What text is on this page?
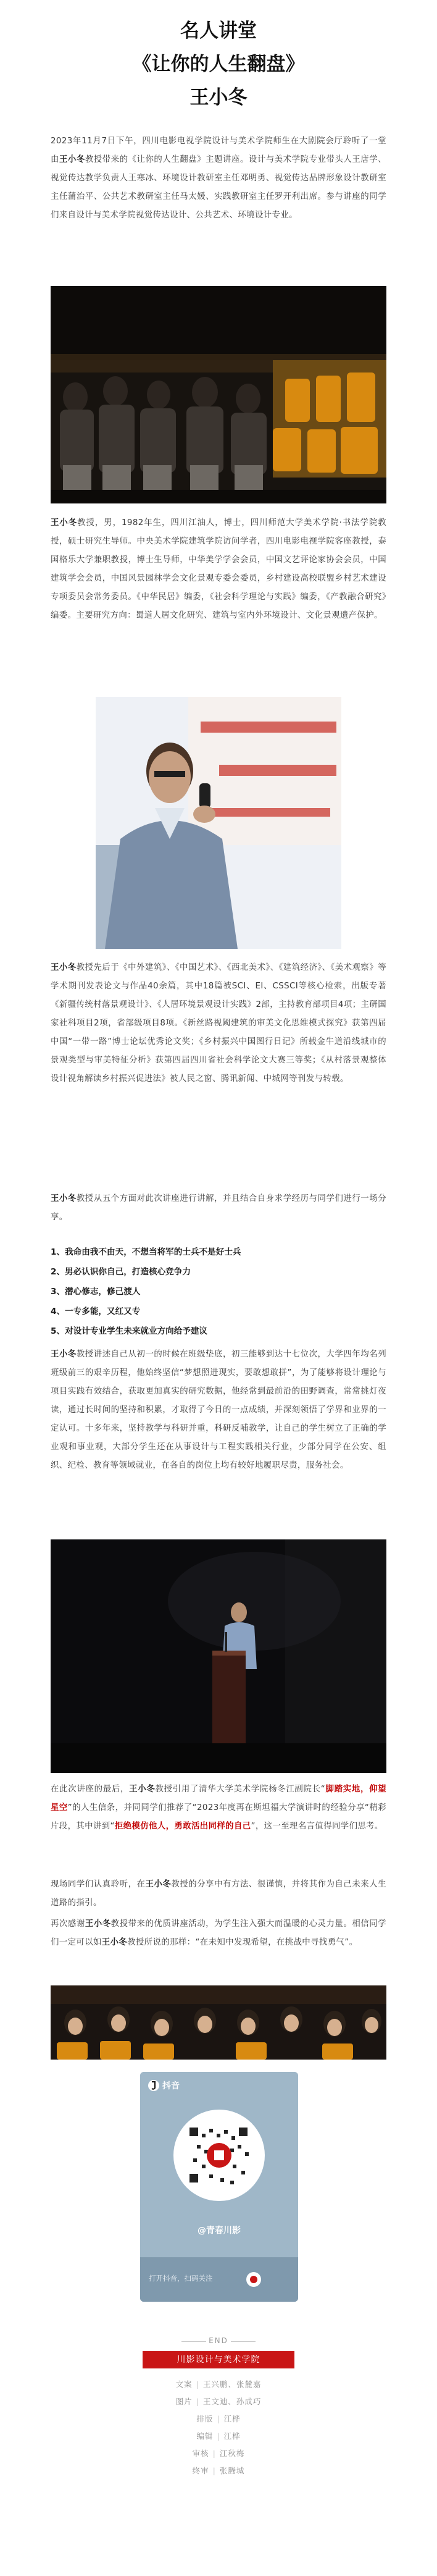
名人讲堂
《让你的人生翻盘》
王小冬

2023年11月7日下午，四川电影电视学院设计与美术学院师生在大剧院会厅聆听了一堂由王小冬教授带来的《让你的人生翻盘》主题讲座。设计与美术学院专业带头人王唐学、视觉传达教学负责人王寒冰、环境设计教研室主任邓明勇、视觉传达品牌形象设计教研室主任蒲治平、公共艺术教研室主任马太媛、实践教研室主任罗开利出席。参与讲座的同学们来自设计与美术学院视觉传达设计、公共艺术、环境设计专业。

王小冬教授，男，1982年生，四川江油人，博士，四川师范大学美术学院·书法学院教授，硕士研究生导师。中央美术学院建筑学院访问学者，四川电影电视学院客座教授，泰国格乐大学兼职教授，博士生导师，中华美学学会会员，中国文艺评论家协会会员，中国建筑学会会员，中国风景园林学会文化景观专委会委员，乡村建设高校联盟乡村艺术建设专项委员会常务委员。《中华民居》编委，《社会科学理论与实践》编委，《产教融合研究》编委。主要研究方向：蜀道人居文化研究、建筑与室内外环境设计、文化景观遗产保护。

王小冬教授先后于《中外建筑》、《中国艺术》、《西北美术》、《建筑经济》、《美术观察》等学术期刊发表论文与作品40余篇，其中18篇被SCI、EI、CSSCI等核心检索，出版专著《新疆传统村落景观设计》、《人居环境景观设计实践》2部，主持教育部项目4项；主研国家社科项目2项，省部级项目8项。《新丝路视阈建筑的审美文化思维模式探究》获第四届中国“一带一路”博士论坛优秀论文奖；《乡村振兴中国图行日记》所载金牛道沿线城市的景观类型与审美特征分析》获第四届四川省社会科学论文大赛三等奖；《从村落景观整体设计视角解读乡村振兴促进法》被人民之窗、腾讯新闻、中城网等刊发与转载。

王小冬教授从五个方面对此次讲座进行讲解，并且结合自身求学经历与同学们进行一场分享。

1、我命由我不由天，不想当将军的士兵不是好士兵

2、男必认识你自己，打造核心竞争力

3、潜心修志，修己渡人

4、一专多能，又红又专

5、对设计专业学生未来就业方向给予建议

王小冬教授讲述自己从初一的时候在班级垫底，初三能够到达十七位次，大学四年均名列班级前三的艰辛历程，他始终坚信“梦想照进现实，要敢想敢拼”，为了能够将设计理论与项目实践有效结合，获取更加真实的研究数据，他经常到最前沿的田野调查，常常挑灯夜读，通过长时间的坚持和积累，才取得了今日的一点成绩，并深刻领悟了学界和业界的一定认可。十多年来，坚持教学与科研并重，科研反哺教学，让自己的学生树立了正确的学业观和事业观，大部分学生还在从事设计与工程实践相关行业，少部分同学在公安、组织、纪检、教育等领域就业，在各自的岗位上均有较好地履职尽责，服务社会。

在此次讲座的最后，王小冬教授引用了清华大学美术学院杨冬江副院长“脚踏实地，仰望星空”的人生信条，并同同学们推荐了“2023年度再在斯坦福大学演讲时的经验分享“精彩片段，其中讲到“拒绝模仿他人，勇敢活出同样的自己”，这一至理名言值得同学们思考。

现场同学们认真聆听，在王小冬教授的分享中有方法、很谨慎，并将其作为自己未来人生道路的指引。

再次感谢王小冬教授带来的优质讲座活动，为学生注入强大而温暖的心灵力量。相信同学们一定可以如王小冬教授所说的那样：“在未知中发现希望，在挑战中寻找勇气”。

抖音
@青春川影
打开抖音，扫码关注
END
川影设计与美术学院
文案 | 王兴鹏、张麓嘉
图片 | 王文迪、孙成巧
排版 | 江桦
编辑 | 江桦
审核 | 江秋梅
终审 | 张腾城
